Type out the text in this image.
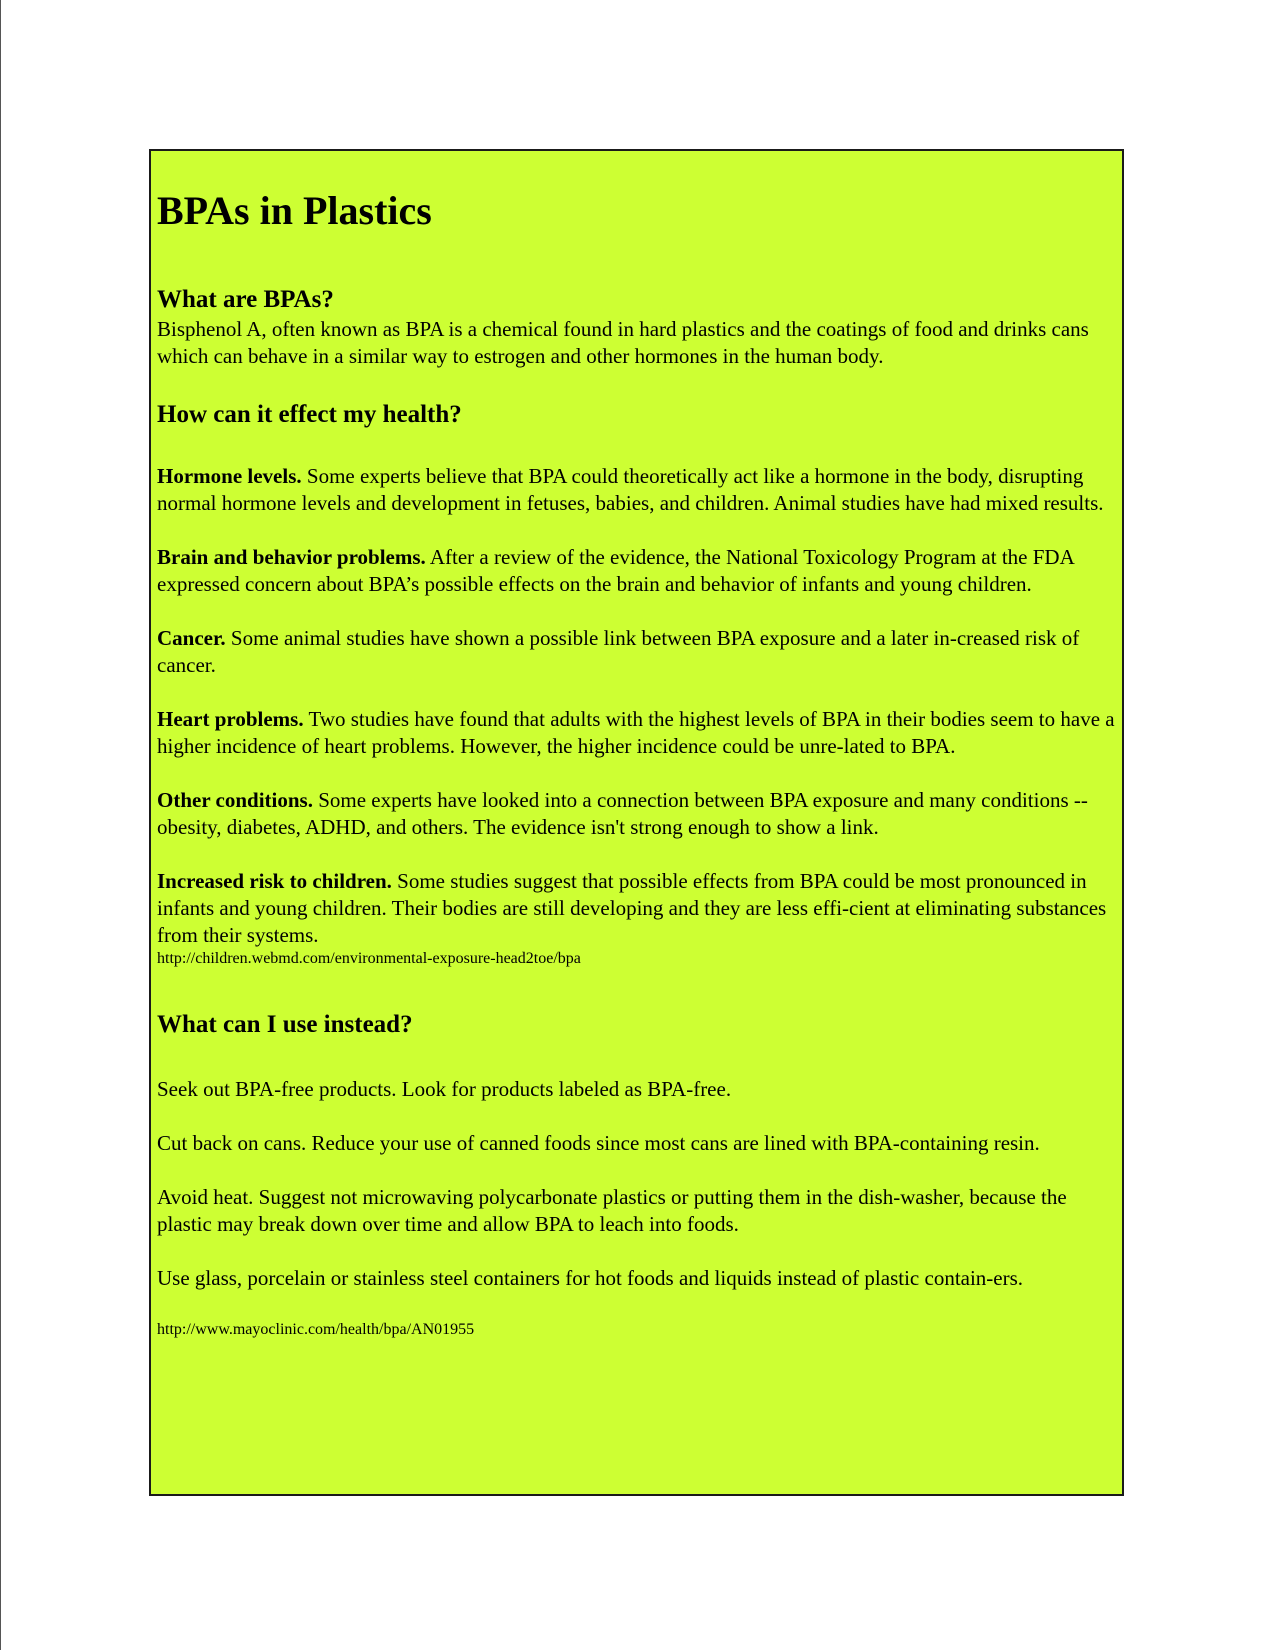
BPAs in Plastics
What are BPAs?

Bisphenol A, often known as BPA is a chemical found in hard plastics and the coatings of food and drinks cans which can behave in a similar way to estrogen and other hormones in the human body.

How can it effect my health?

Hormone levels. Some experts believe that BPA could theoretically act like a hormone in the body, disrupting normal hormone levels and development in fetuses, babies, and children. Animal studies have had mixed results.

Brain and behavior problems. After a review of the evidence, the National Toxicology Program at the FDA expressed concern about BPA’s possible effects on the brain and behavior of infants and young children.

Cancer. Some animal studies have shown a possible link between BPA exposure and a later in-creased risk of cancer.

Heart problems. Two studies have found that adults with the highest levels of BPA in their bodies seem to have a higher incidence of heart problems. However, the higher incidence could be unre-lated to BPA.

Other conditions. Some experts have looked into a connection between BPA exposure and many conditions -- obesity, diabetes, ADHD, and others. The evidence isn't strong enough to show a link.

Increased risk to children. Some studies suggest that possible effects from BPA could be most pronounced in infants and young children. Their bodies are still developing and they are less effi-cient at eliminating substances from their systems.

http://children.webmd.com/environmental-exposure-head2toe/bpa

What can I use instead?

Seek out BPA-free products. Look for products labeled as BPA-free.

Cut back on cans. Reduce your use of canned foods since most cans are lined with BPA-containing resin.

Avoid heat. Suggest not microwaving polycarbonate plastics or putting them in the dish-washer, because the plastic may break down over time and allow BPA to leach into foods.

Use glass, porcelain or stainless steel containers for hot foods and liquids instead of plastic contain-ers.

http://www.mayoclinic.com/health/bpa/AN01955
